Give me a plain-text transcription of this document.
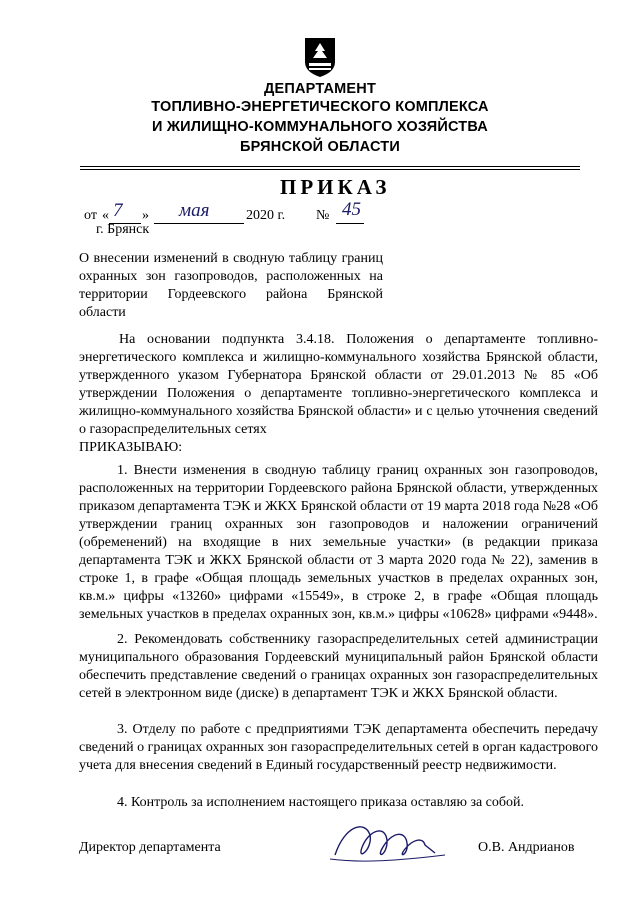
ДЕПАРТАМЕНТ
ТОПЛИВНО-ЭНЕРГЕТИЧЕСКОГО КОМПЛЕКСА
И ЖИЛИЩНО-КОММУНАЛЬНОГО ХОЗЯЙСТВА
БРЯНСКОЙ ОБЛАСТИ
ПРИКАЗ
от « 7 » мая	2020 г. № 45
г. Брянск
О внесении изменений в сводную таблицу границ охранных зон газопроводов, расположенных на территории Гордеевского района Брянской области
На основании подпункта 3.4.18. Положения о департаменте топливно-энергетического комплекса и жилищно-коммунального хозяйства Брянской области, утвержденного указом Губернатора Брянской области от 29.01.2013 № 85 «Об утверждении Положения о департаменте топливно-энергетического комплекса и жилищно-коммунального хозяйства Брянской области» и с целью уточнения сведений о газораспределительных сетях
ПРИКАЗЫВАЮ:
1. Внести изменения в сводную таблицу границ охранных зон газопроводов, расположенных на территории Гордеевского района Брянской области, утвержденных приказом департамента ТЭК и ЖКХ Брянской области от 19 марта 2018 года №28 «Об утверждении границ охранных зон газопроводов и наложении ограничений (обременений) на входящие в них земельные участки» (в редакции приказа департамента ТЭК и ЖКХ Брянской области от 3 марта 2020 года № 22), заменив в строке 1, в графе «Общая площадь земельных участков в пределах охранных зон, кв.м.» цифры «13260» цифрами «15549», в строке 2, в графе «Общая площадь земельных участков в пределах охранных зон, кв.м.» цифры «10628» цифрами «9448».
2. Рекомендовать собственнику газораспределительных сетей администрации муниципального образования Гордеевский муниципальный район Брянской области обеспечить представление сведений о границах охранных зон газораспределительных сетей в электронном виде (диске) в департамент ТЭК и ЖКХ Брянской области.
3. Отделу по работе с предприятиями ТЭК департамента обеспечить передачу сведений о границах охранных зон газораспределительных сетей в орган кадастрового учета для внесения сведений в Единый государственный реестр недвижимости.
4. Контроль за исполнением настоящего приказа оставляю за собой.
Директор департамента	О.В. Андрианов
